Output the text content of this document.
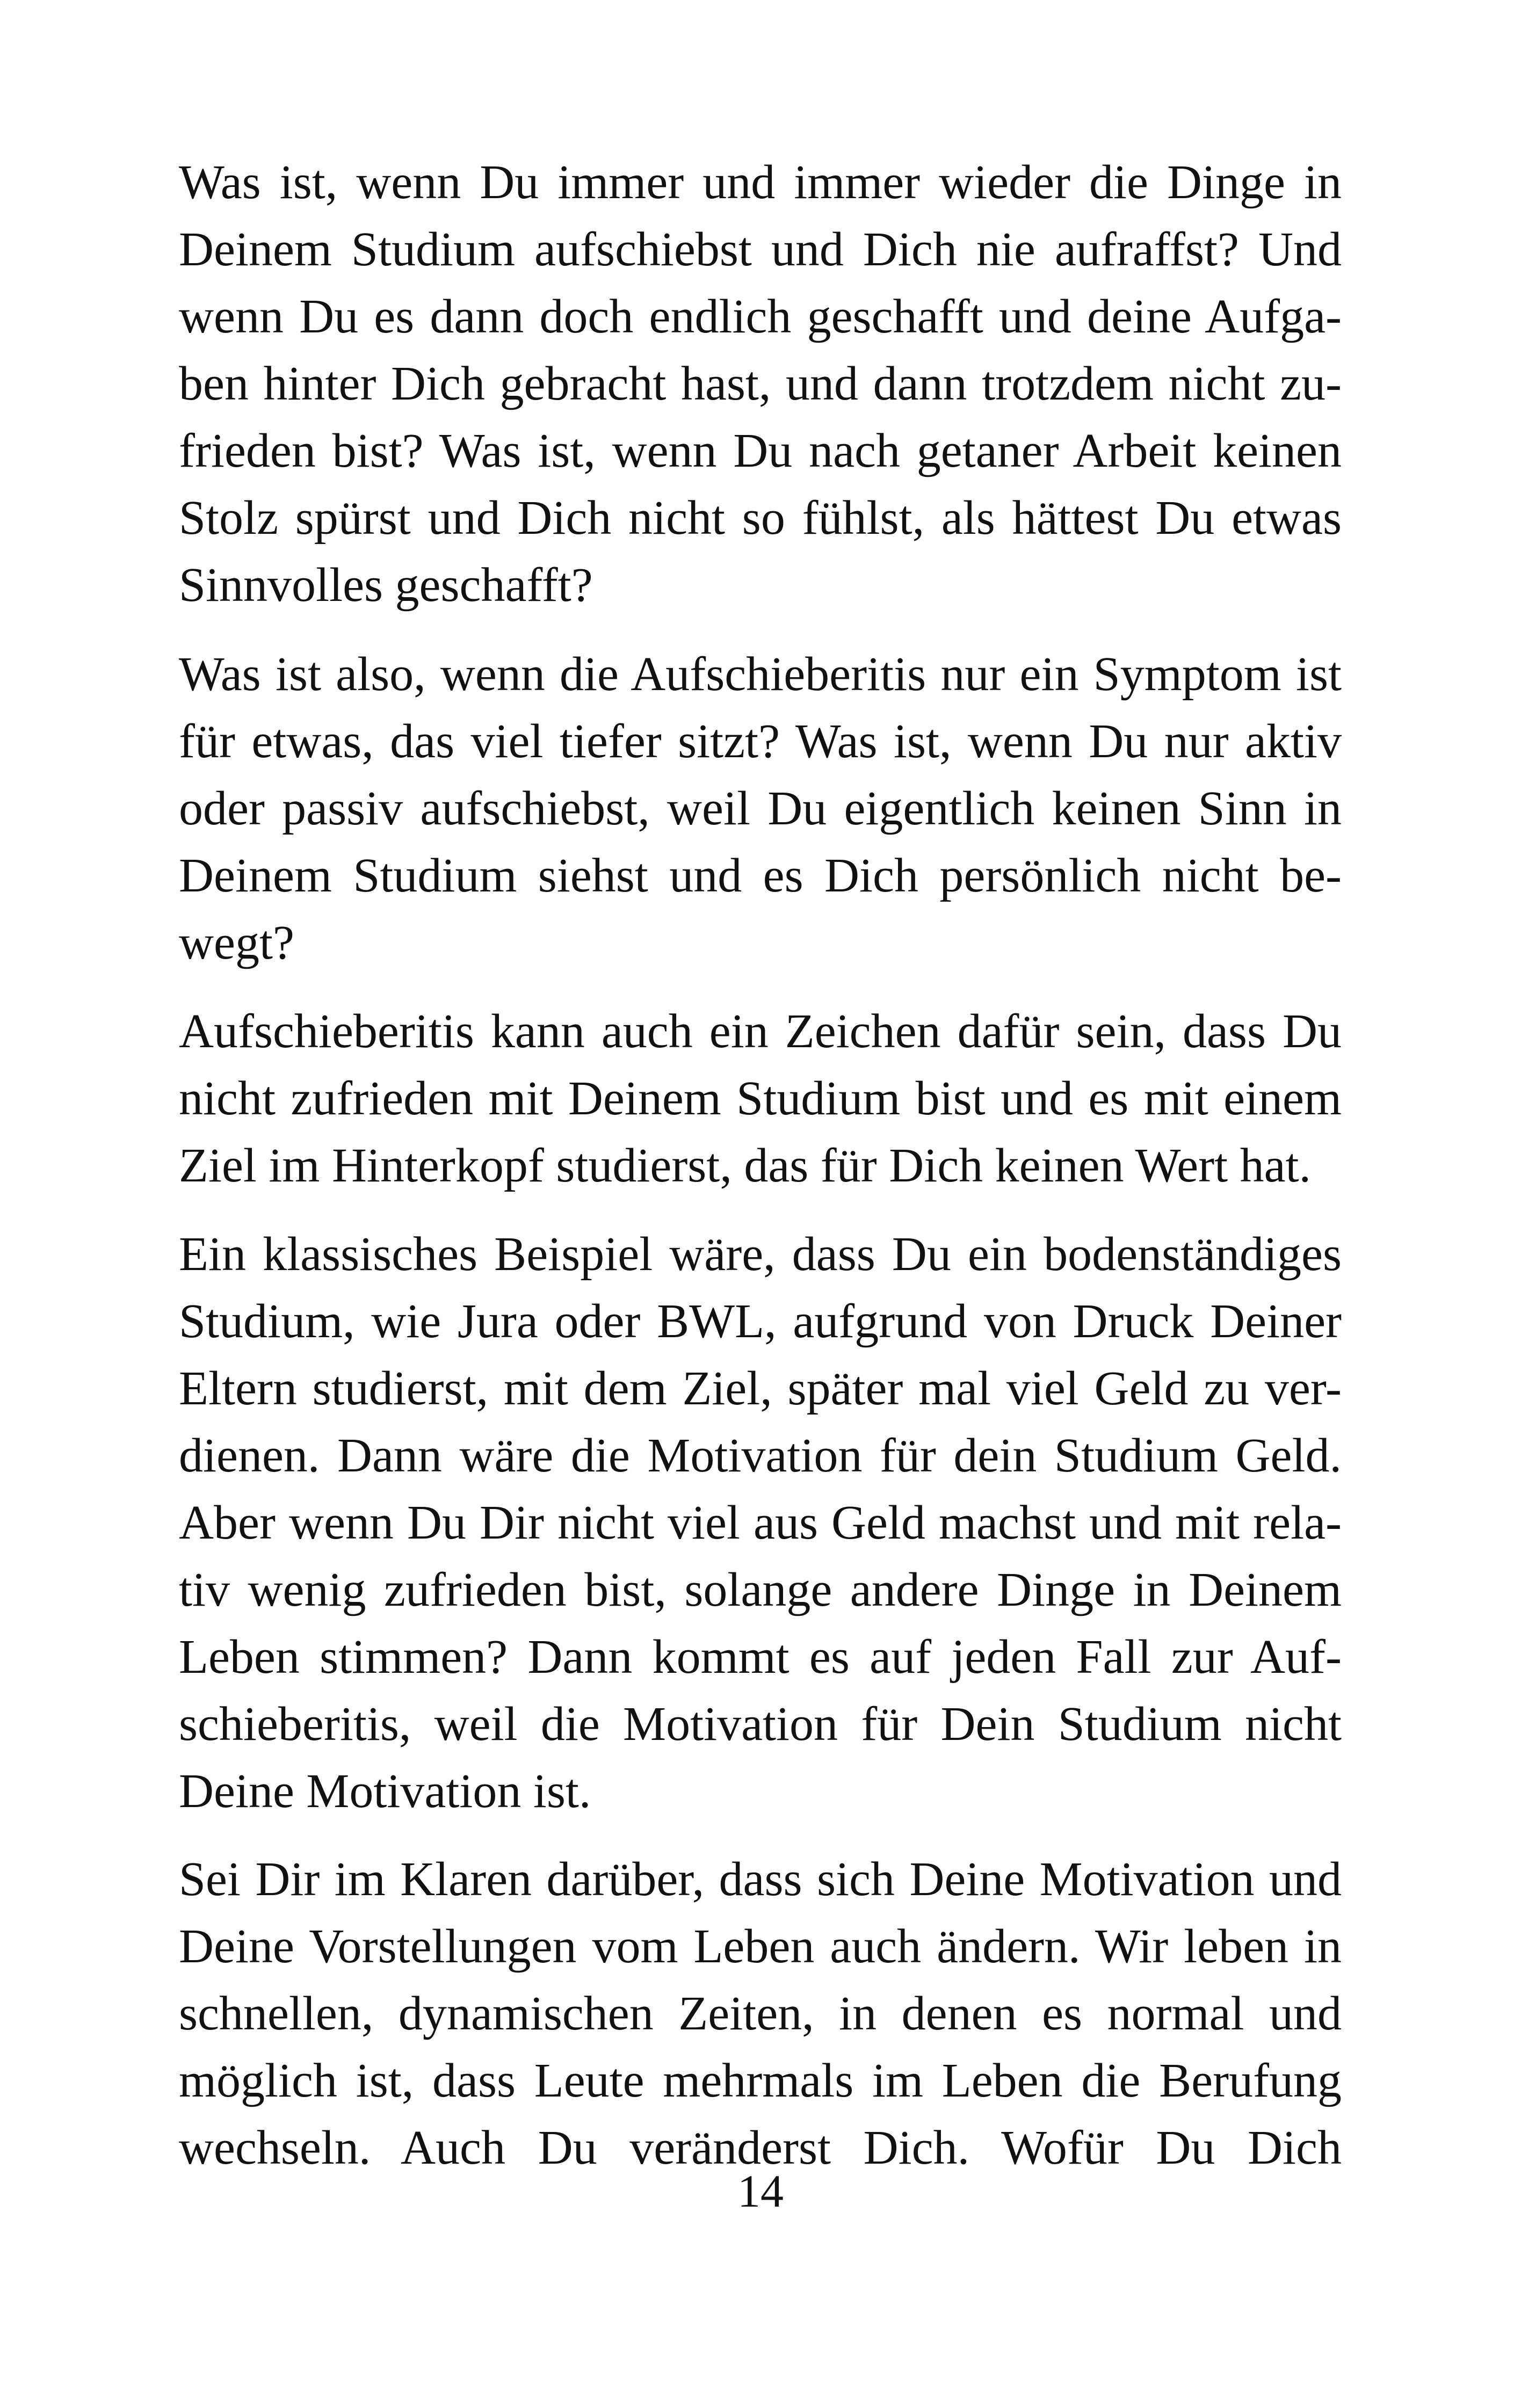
Was ist, wenn Du immer und immer wieder die Dinge in
Deinem Studium aufschiebst und Dich nie aufraffst? Und
wenn Du es dann doch endlich geschafft und deine Aufga-
ben hinter Dich gebracht hast, und dann trotzdem nicht zu-
frieden bist? Was ist, wenn Du nach getaner Arbeit keinen
Stolz spürst und Dich nicht so fühlst, als hättest Du etwas
Sinnvolles geschafft?
Was ist also, wenn die Aufschieberitis nur ein Symptom ist
für etwas, das viel tiefer sitzt? Was ist, wenn Du nur aktiv
oder passiv aufschiebst, weil Du eigentlich keinen Sinn in
Deinem Studium siehst und es Dich persönlich nicht be-
wegt?
Aufschieberitis kann auch ein Zeichen dafür sein, dass Du
nicht zufrieden mit Deinem Studium bist und es mit einem
Ziel im Hinterkopf studierst, das für Dich keinen Wert hat.
Ein klassisches Beispiel wäre, dass Du ein bodenständiges
Studium, wie Jura oder BWL, aufgrund von Druck Deiner
Eltern studierst, mit dem Ziel, später mal viel Geld zu ver-
dienen. Dann wäre die Motivation für dein Studium Geld.
Aber wenn Du Dir nicht viel aus Geld machst und mit rela-
tiv wenig zufrieden bist, solange andere Dinge in Deinem
Leben stimmen? Dann kommt es auf jeden Fall zur Auf-
schieberitis, weil die Motivation für Dein Studium nicht
Deine Motivation ist.
Sei Dir im Klaren darüber, dass sich Deine Motivation und
Deine Vorstellungen vom Leben auch ändern. Wir leben in
schnellen, dynamischen Zeiten, in denen es normal und
möglich ist, dass Leute mehrmals im Leben die Berufung
wechseln. Auch Du veränderst Dich. Wofür Du Dich
14
